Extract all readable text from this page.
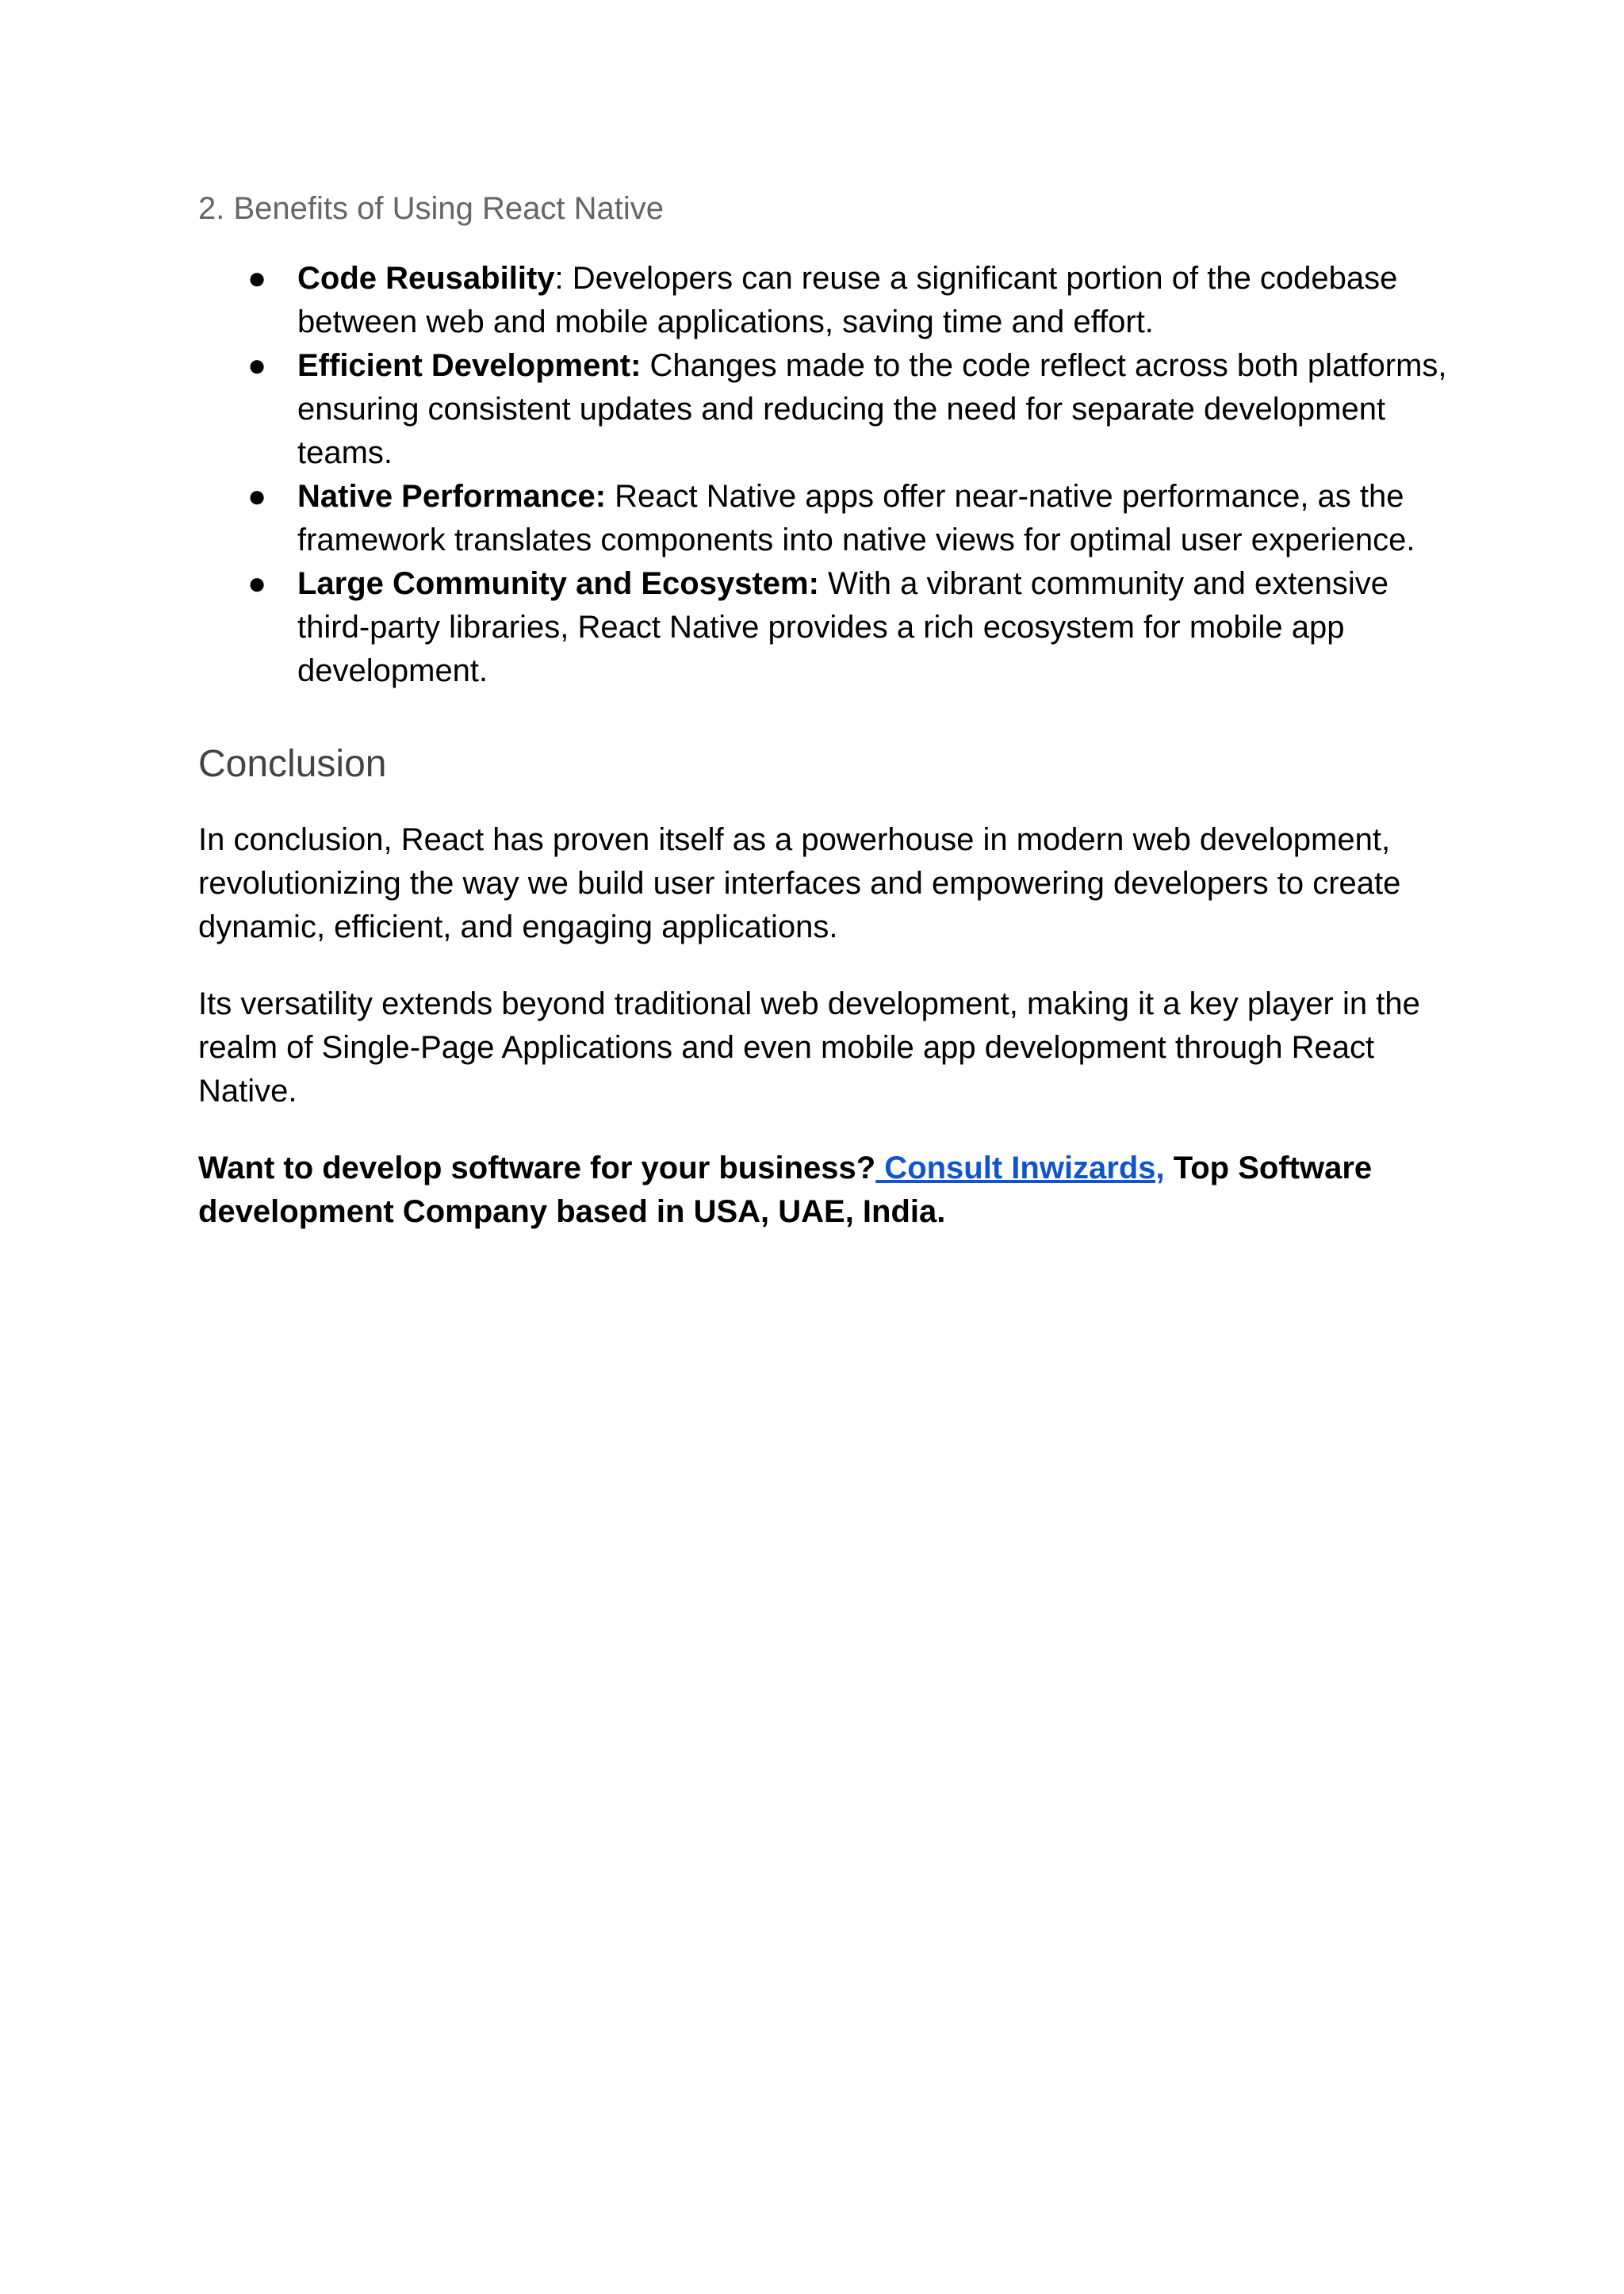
2. Benefits of Using React Native
● Code Reusability: Developers can reuse a significant portion of the codebase between web and mobile applications, saving time and effort.
● Efficient Development: Changes made to the code reflect across both platforms, ensuring consistent updates and reducing the need for separate development teams.
● Native Performance: React Native apps offer near-native performance, as the framework translates components into native views for optimal user experience.
● Large Community and Ecosystem: With a vibrant community and extensive third-party libraries, React Native provides a rich ecosystem for mobile app development.
Conclusion

In conclusion, React has proven itself as a powerhouse in modern web development, revolutionizing the way we build user interfaces and empowering developers to create dynamic, efficient, and engaging applications.

Its versatility extends beyond traditional web development, making it a key player in the realm of Single-Page Applications and even mobile app development through React Native.

Want to develop software for your business? Consult Inwizards, Top Software development Company based in USA, UAE, India.
